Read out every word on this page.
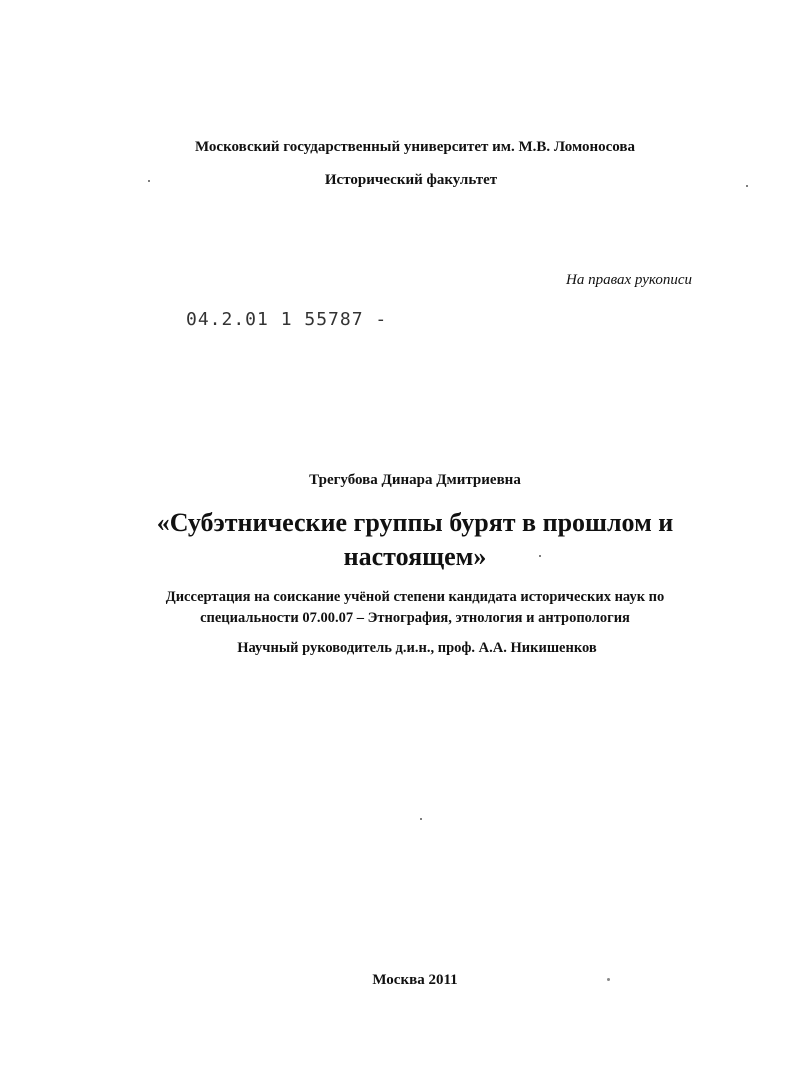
Московский государственный университет им. М.В. Ломоносова
Исторический факультет
На правах рукописи
04.2.01 1 55787 -
Трегубова Динара Дмитриевна
«Субэтнические группы бурят в прошлом и
настоящем»
Диссертация на соискание учёной степени кандидата исторических наук по
специальности 07.00.07 – Этнография, этнология и антропология
Научный руководитель д.и.н., проф. А.А. Никишенков
Москва 2011
